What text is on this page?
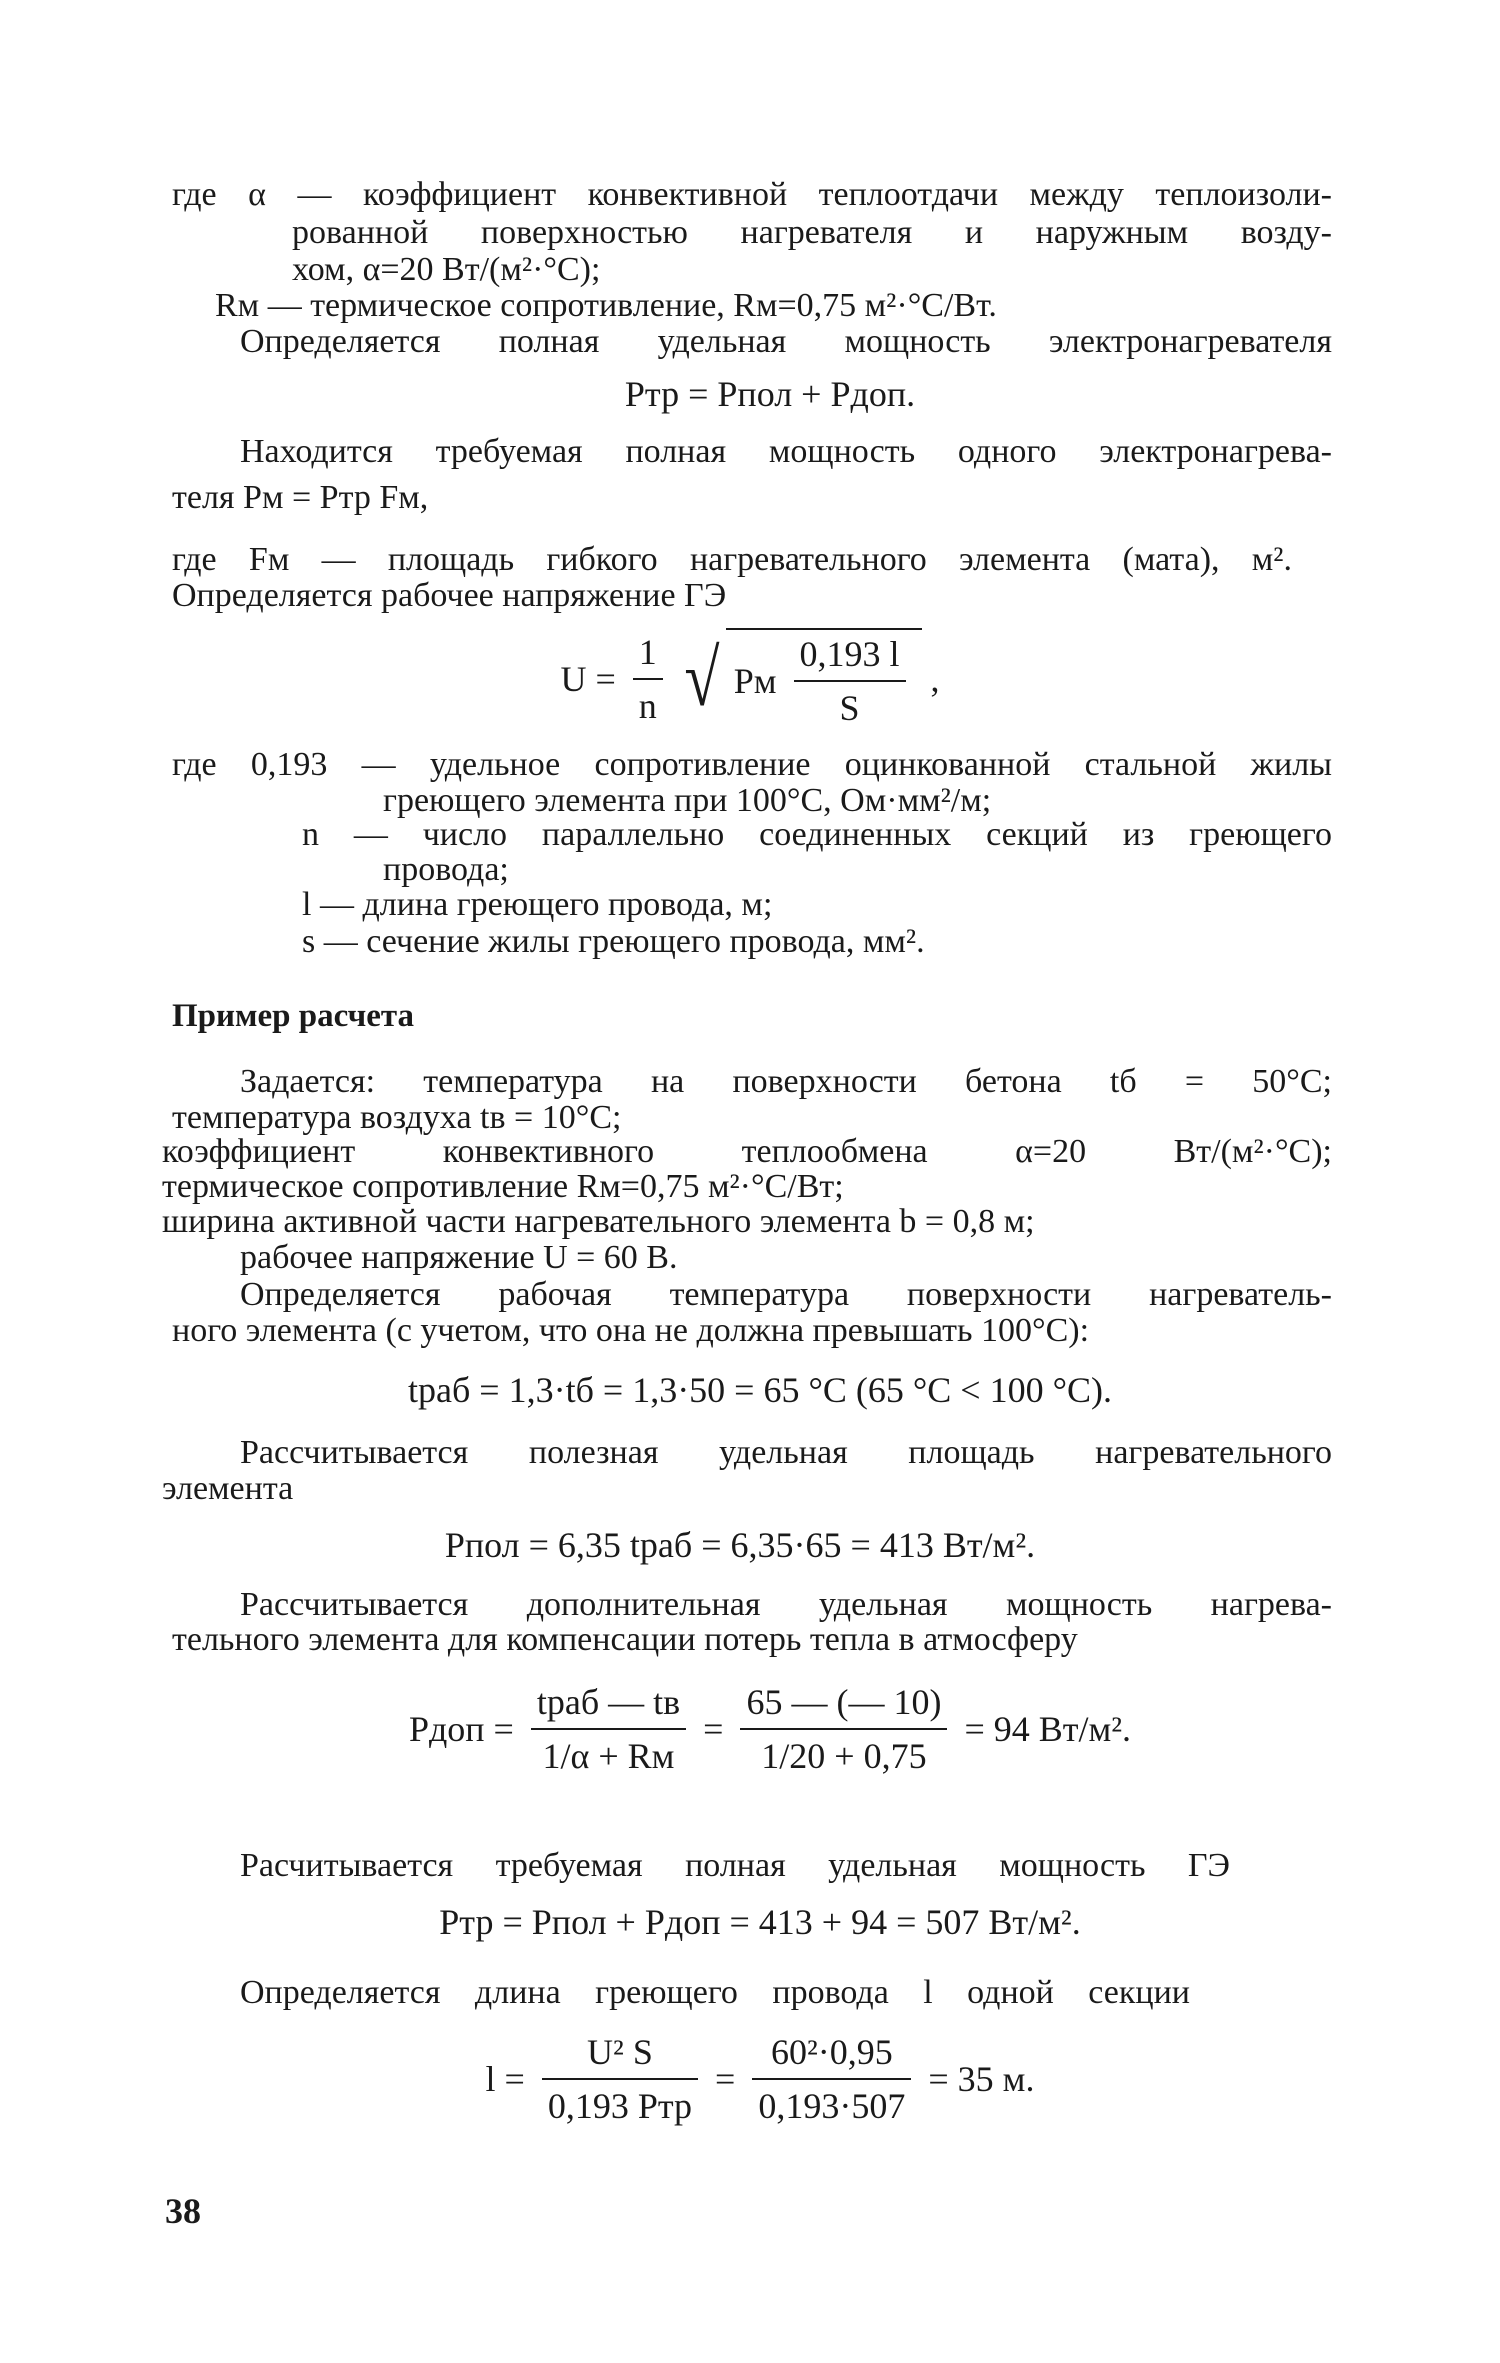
где α — коэффициент конвективной теплоотдачи между теплоизоли-
рованной поверхностью нагревателя и наружным возду-
хом, α=20 Вт/(м²·°С);
Rм — термическое сопротивление, Rм=0,75 м²·°С/Вт.
Определяется полная удельная мощность электронагревателя
Pтр = Pпол + Pдоп.
Находится требуемая полная мощность одного электронагрева-
теля Pм = Pтр Fм,
где Fм — площадь гибкого нагревательного элемента (мата), м².
Определяется рабочее напряжение ГЭ
$U = \frac{1}{n}$ √ Pм $\frac{0,193 l}{S}$ ,
где 0,193 — удельное сопротивление оцинкованной стальной жилы
греющего элемента при 100°С, Ом·мм²/м;
n — число параллельно соединенных секций из греющего
провода;
l — длина греющего провода, м;
s — сечение жилы греющего провода, мм².
Пример расчета
Задается: температура на поверхности бетона tб = 50°С;
температура воздуха tв = 10°С;
коэффициент конвективного теплообмена α=20 Вт/(м²·°С);
термическое сопротивление Rм=0,75 м²·°С/Вт;
ширина активной части нагревательного элемента b = 0,8 м;
рабочее напряжение U = 60 В.
Определяется рабочая температура поверхности нагреватель-
ного элемента (с учетом, что она не должна превышать 100°С):
tраб = 1,3·tб = 1,3·50 = 65 °С (65 °С < 100 °С).
Рассчитывается полезная удельная площадь нагревательного
элемента
Pпол = 6,35 tраб = 6,35·65 = 413 Вт/м².
Рассчитывается дополнительная удельная мощность нагрева-
тельного элемента для компенсации потерь тепла в атмосферу
Pдоп = $\frac{\text{tраб — tв}}{1/\alpha + Rм} = \frac{65 — (— 10)}{1/20 + 0,75} = 94$ Вт/м².
Расчитывается требуемая полная удельная мощность ГЭ
Pтр = Pпол + Pдоп = 413 + 94 = 507 Вт/м².
Определяется длина греющего провода l одной секции
$l = \frac{\text{U² S}}{\text{0,193 Pтр}} = \frac{\text{60²·0,95}}{0,193\cdot 507} = 35$ м.
38
